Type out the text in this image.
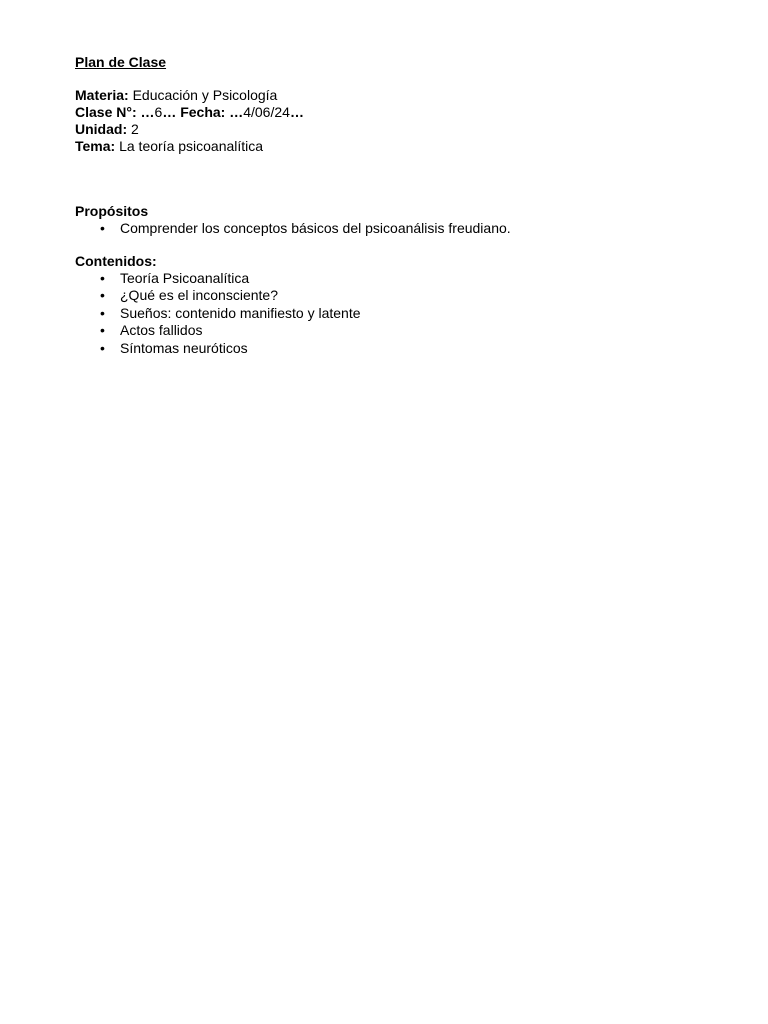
Plan de Clase

Materia: Educación y Psicología

Clase N°: …6… Fecha: …4/06/24…

Unidad: 2

Tema: La teoría psicoanalítica

Propósitos

• Comprender los conceptos básicos del psicoanálisis freudiano.

Contenidos:

• Teoría Psicoanalítica
• ¿Qué es el inconsciente?
• Sueños: contenido manifiesto y latente
• Actos fallidos
• Síntomas neuróticos
